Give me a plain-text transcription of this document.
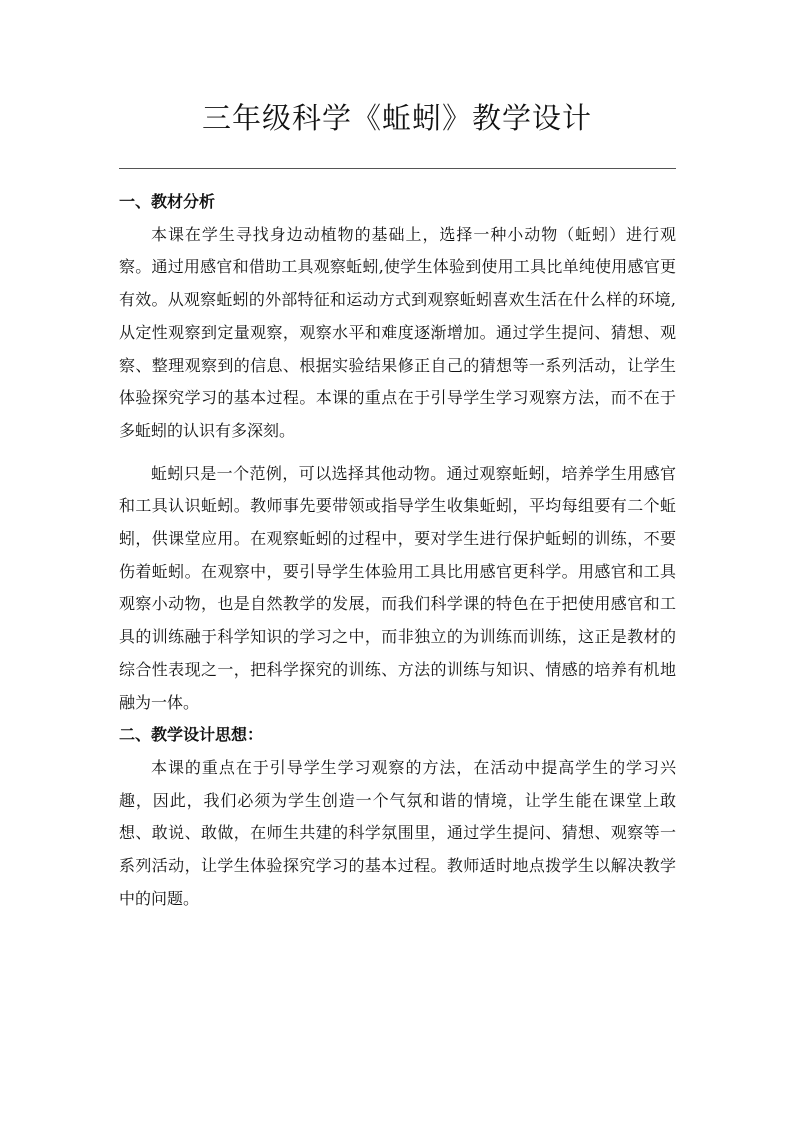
三年级科学《蚯蚓》教学设计
一、教材分析

本课在学生寻找身边动植物的基础上，选择一种小动物（蚯蚓）进行观察。通过用感官和借助工具观察蚯蚓,使学生体验到使用工具比单纯使用感官更有效。从观察蚯蚓的外部特征和运动方式到观察蚯蚓喜欢生活在什么样的环境,从定性观察到定量观察，观察水平和难度逐渐增加。通过学生提问、猜想、观察、整理观察到的信息、根据实验结果修正自己的猜想等一系列活动，让学生体验探究学习的基本过程。本课的重点在于引导学生学习观察方法，而不在于多蚯蚓的认识有多深刻。

蚯蚓只是一个范例，可以选择其他动物。通过观察蚯蚓，培养学生用感官和工具认识蚯蚓。教师事先要带领或指导学生收集蚯蚓，平均每组要有二个蚯蚓，供课堂应用。在观察蚯蚓的过程中，要对学生进行保护蚯蚓的训练，不要伤着蚯蚓。在观察中，要引导学生体验用工具比用感官更科学。用感官和工具观察小动物，也是自然教学的发展，而我们科学课的特色在于把使用感官和工具的训练融于科学知识的学习之中，而非独立的为训练而训练，这正是教材的综合性表现之一，把科学探究的训练、方法的训练与知识、情感的培养有机地融为一体。

二、教学设计思想：

本课的重点在于引导学生学习观察的方法，在活动中提高学生的学习兴趣，因此，我们必须为学生创造一个气氛和谐的情境，让学生能在课堂上敢想、敢说、敢做，在师生共建的科学氛围里，通过学生提问、猜想、观察等一系列活动，让学生体验探究学习的基本过程。教师适时地点拨学生以解决教学中的问题。
